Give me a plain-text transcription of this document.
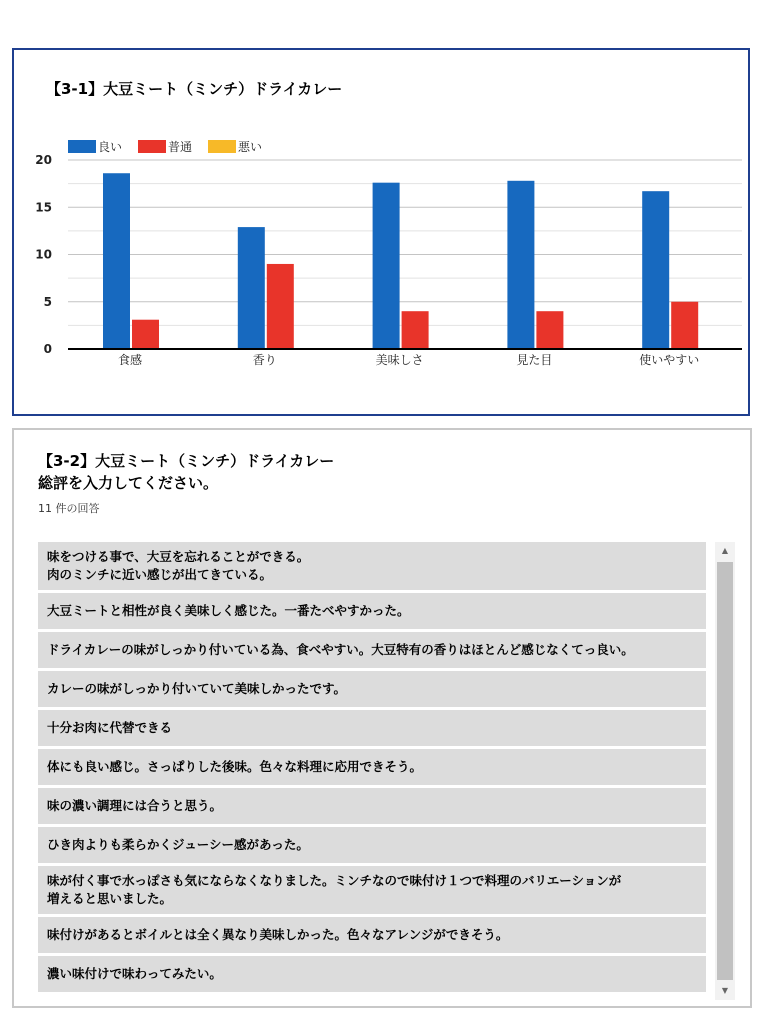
【3-1】大豆ミート（ミンチ）ドライカレー
0
5
10
15
20
食感	香り	美味しさ	見た目	使いやすい
良い	普通	悪い
【3-2】大豆ミート（ミンチ）ドライカレー
総評を入力してください。
11 件の回答
味をつける事で、大豆を忘れることができる。
肉のミンチに近い感じが出てきている。
大豆ミートと相性が良く美味しく感じた。一番たべやすかった。
ドライカレーの味がしっかり付いている為、食べやすい。大豆特有の香りはほとんど感じなくてっ良い。
カレーの味がしっかり付いていて美味しかったです。
十分お肉に代替できる
体にも良い感じ。さっぱりした後味。色々な料理に応用できそう。
味の濃い調理には合うと思う。
ひき肉よりも柔らかくジューシー感があった。
味が付く事で水っぽさも気にならなくなりました。ミンチなので味付け１つで料理のバリエーションが
増えると思いました。
味付けがあるとボイルとは全く異なり美味しかった。色々なアレンジができそう。
濃い味付けで味わってみたい。
▲
▼
